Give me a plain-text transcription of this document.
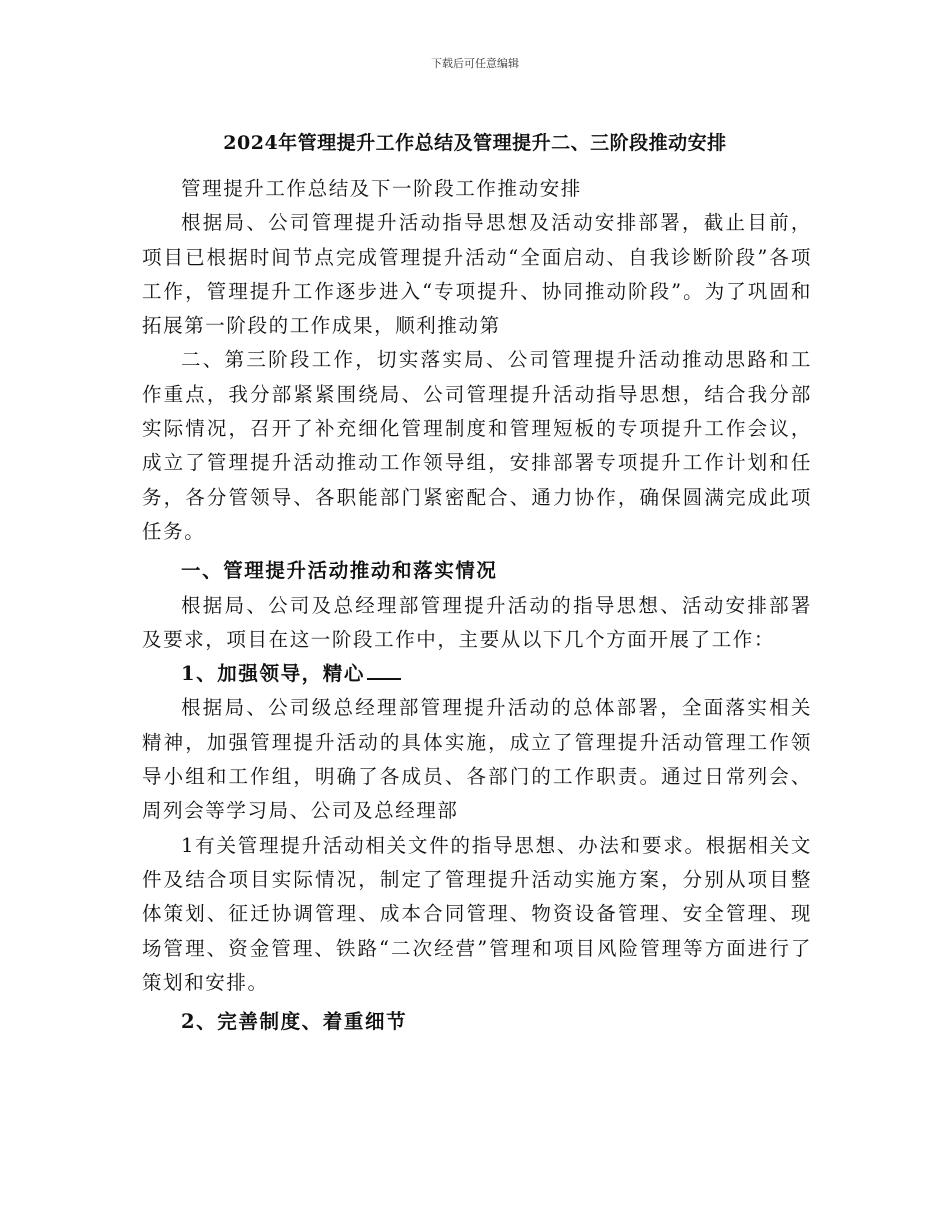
下载后可任意编辑
2024年管理提升工作总结及管理提升二、三阶段推动安排

管理提升工作总结及下一阶段工作推动安排

根据局、公司管理提升活动指导思想及活动安排部署，截止目前，项目已根据时间节点完成管理提升活动“全面启动、自我诊断阶段”各项工作，管理提升工作逐步进入“专项提升、协同推动阶段”。为了巩固和拓展第一阶段的工作成果，顺利推动第

二、第三阶段工作，切实落实局、公司管理提升活动推动思路和工作重点，我分部紧紧围绕局、公司管理提升活动指导思想，结合我分部实际情况，召开了补充细化管理制度和管理短板的专项提升工作会议，成立了管理提升活动推动工作领导组，安排部署专项提升工作计划和任务，各分管领导、各职能部门紧密配合、通力协作，确保圆满完成此项任务。

一、管理提升活动推动和落实情况

根据局、公司及总经理部管理提升活动的指导思想、活动安排部署及要求，项目在这一阶段工作中，主要从以下几个方面开展了工作：

1、加强领导，精心

根据局、公司级总经理部管理提升活动的总体部署，全面落实相关精神，加强管理提升活动的具体实施，成立了管理提升活动管理工作领导小组和工作组，明确了各成员、各部门的工作职责。通过日常列会、周列会等学习局、公司及总经理部

1有关管理提升活动相关文件的指导思想、办法和要求。根据相关文件及结合项目实际情况，制定了管理提升活动实施方案，分别从项目整体策划、征迁协调管理、成本合同管理、物资设备管理、安全管理、现场管理、资金管理、铁路“二次经营”管理和项目风险管理等方面进行了策划和安排。

2、完善制度、着重细节
